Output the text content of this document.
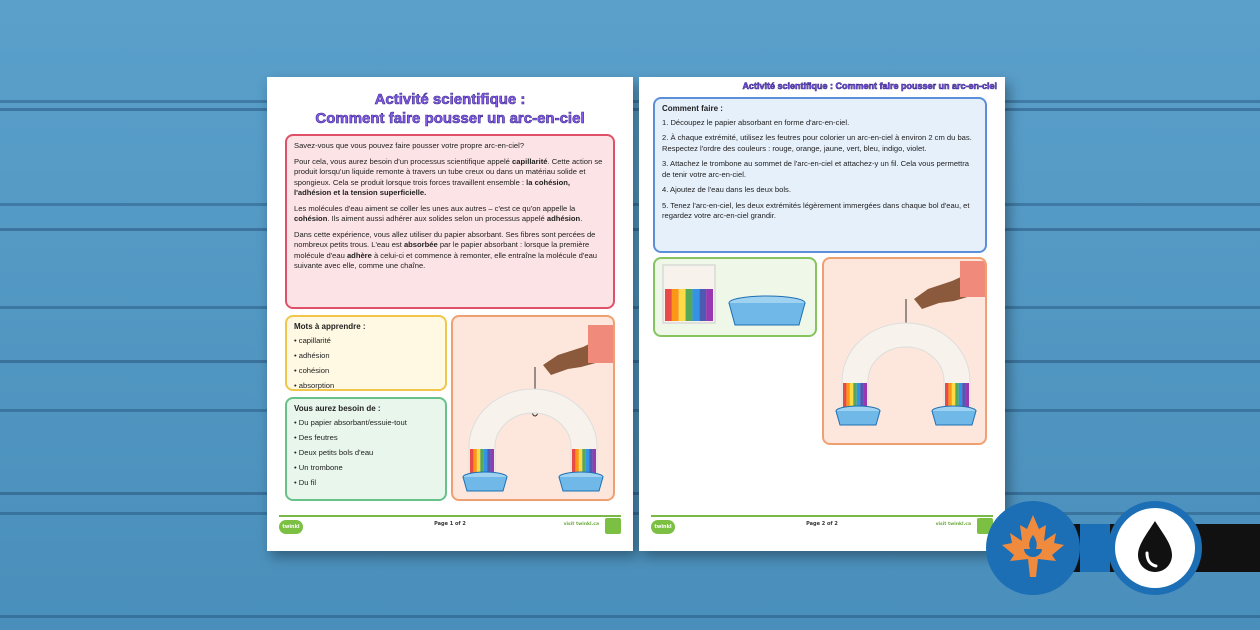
Activité scientifique :
Comment faire pousser un arc-en-ciel

Savez-vous que vous pouvez faire pousser votre propre arc-en-ciel?

Pour cela, vous aurez besoin d'un processus scientifique appelé capillarité. Cette action se produit lorsqu'un liquide remonte à travers un tube creux ou dans un matériau solide et spongieux. Cela se produit lorsque trois forces travaillent ensemble : la cohésion, l'adhésion et la tension superficielle.

Les molécules d'eau aiment se coller les unes aux autres – c'est ce qu'on appelle la cohésion. Ils aiment aussi adhérer aux solides selon un processus appelé adhésion.

Dans cette expérience, vous allez utiliser du papier absorbant. Ses fibres sont percées de nombreux petits trous. L'eau est absorbée par le papier absorbant : lorsque la première molécule d'eau adhère à celui-ci et commence à remonter, elle entraîne la molécule d'eau suivante avec elle, comme une chaîne.

Mots à apprendre :
• capillarité
• adhésion
• cohésion
• absorption
Vous aurez besoin de :
• Du papier absorbant/essuie-tout
• Des feutres
• Deux petits bols d'eau
• Un trombone
• Du fil
twinkl	Page 1 of 2	visit twinkl.ca
Activité scientifique : Comment faire pousser un arc-en-ciel
Comment faire :

1. Découpez le papier absorbant en forme d'arc-en-ciel.

2. À chaque extrémité, utilisez les feutres pour colorier un arc-en-ciel à environ 2 cm du bas. Respectez l'ordre des couleurs : rouge, orange, jaune, vert, bleu, indigo, violet.

3. Attachez le trombone au sommet de l'arc-en-ciel et attachez-y un fil. Cela vous permettra de tenir votre arc-en-ciel.

4. Ajoutez de l'eau dans les deux bols.

5. Tenez l'arc-en-ciel, les deux extrémités légèrement immergées dans chaque bol d'eau, et regardez votre arc-en-ciel grandir.

twinkl	Page 2 of 2	visit twinkl.ca
